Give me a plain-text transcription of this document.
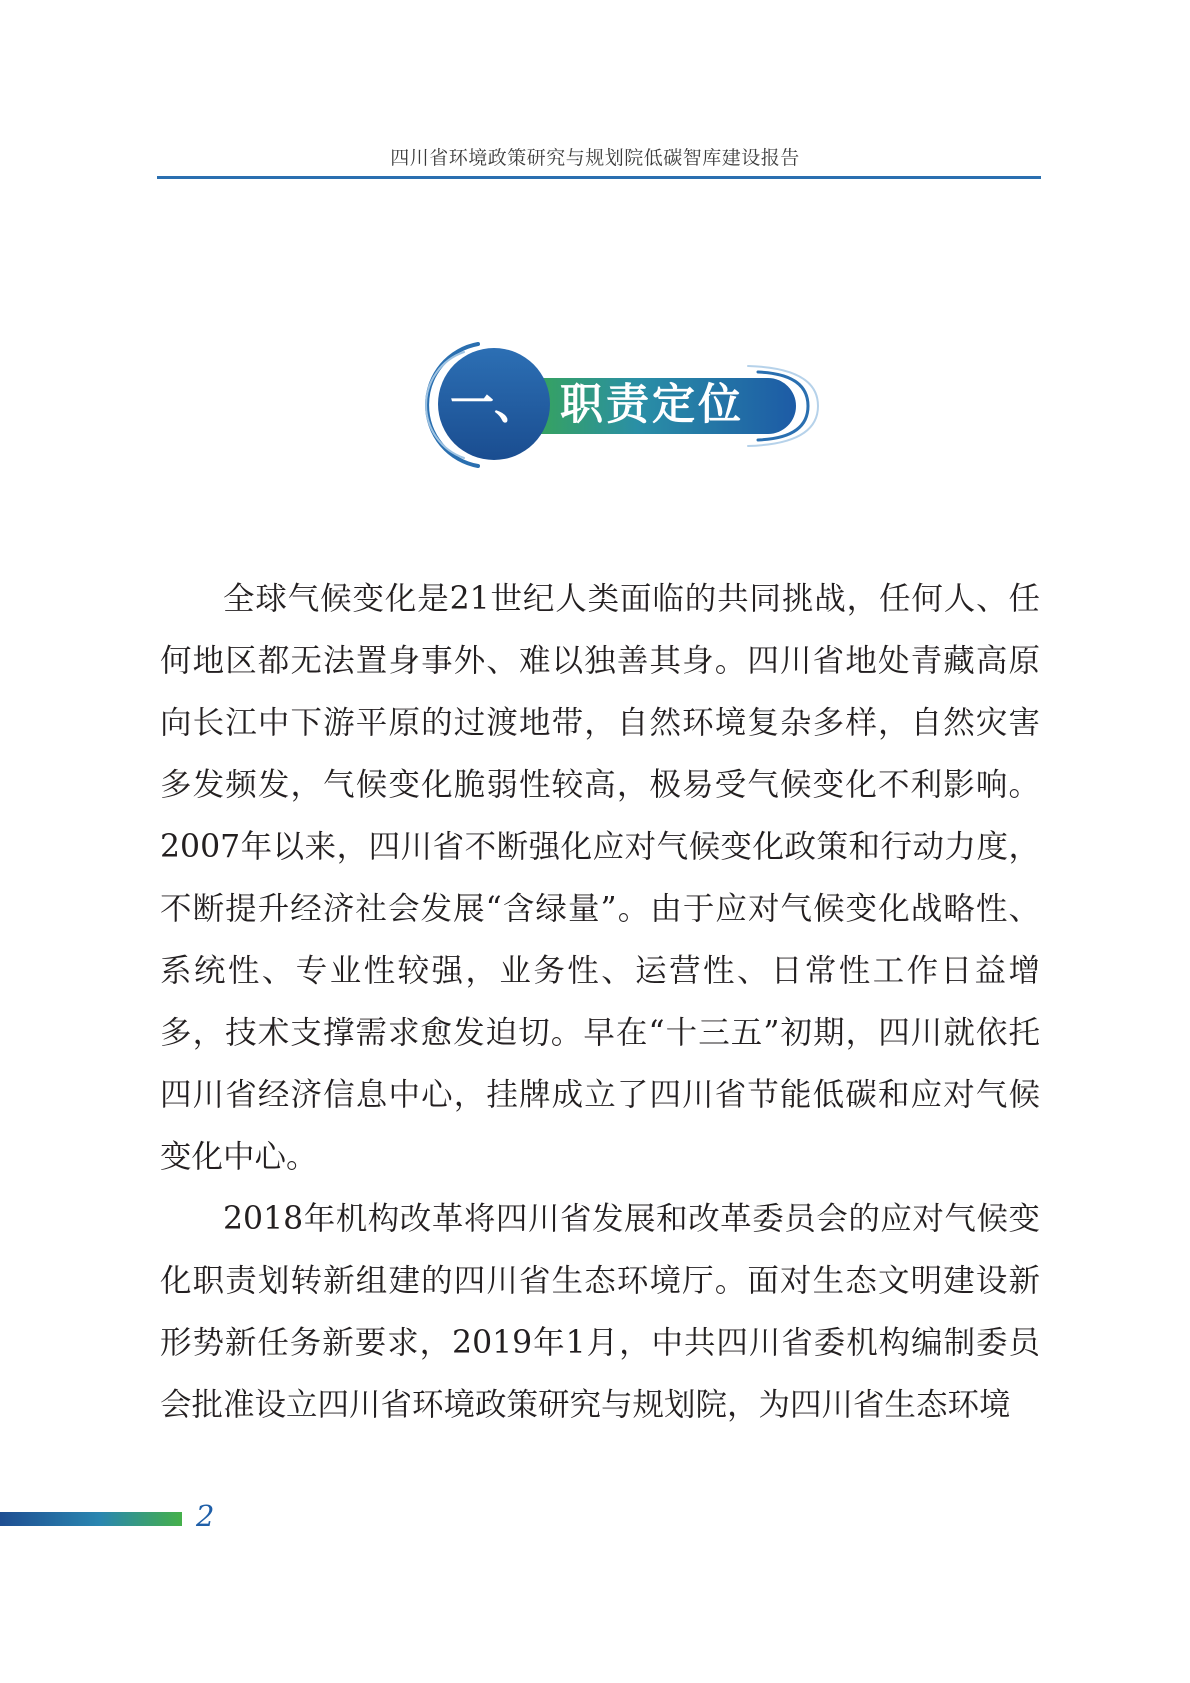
四川省环境政策研究与规划院低碳智库建设报告
一、 职责定位

全球气候变化是21世纪人类面临的共同挑战，任何人、任何地区都无法置身事外、难以独善其身。四川省地处青藏高原向长江中下游平原的过渡地带，自然环境复杂多样，自然灾害多发频发，气候变化脆弱性较高，极易受气候变化不利影响。2007年以来，四川省不断强化应对气候变化政策和行动力度，不断提升经济社会发展“含绿量”。由于应对气候变化战略性、系统性、专业性较强，业务性、运营性、日常性工作日益增多，技术支撑需求愈发迫切。早在“十三五”初期，四川就依托四川省经济信息中心，挂牌成立了四川省节能低碳和应对气候变化中心。

2018年机构改革将四川省发展和改革委员会的应对气候变化职责划转新组建的四川省生态环境厅。面对生态文明建设新形势新任务新要求，2019年1月，中共四川省委机构编制委员会批准设立四川省环境政策研究与规划院，为四川省生态环境

2
